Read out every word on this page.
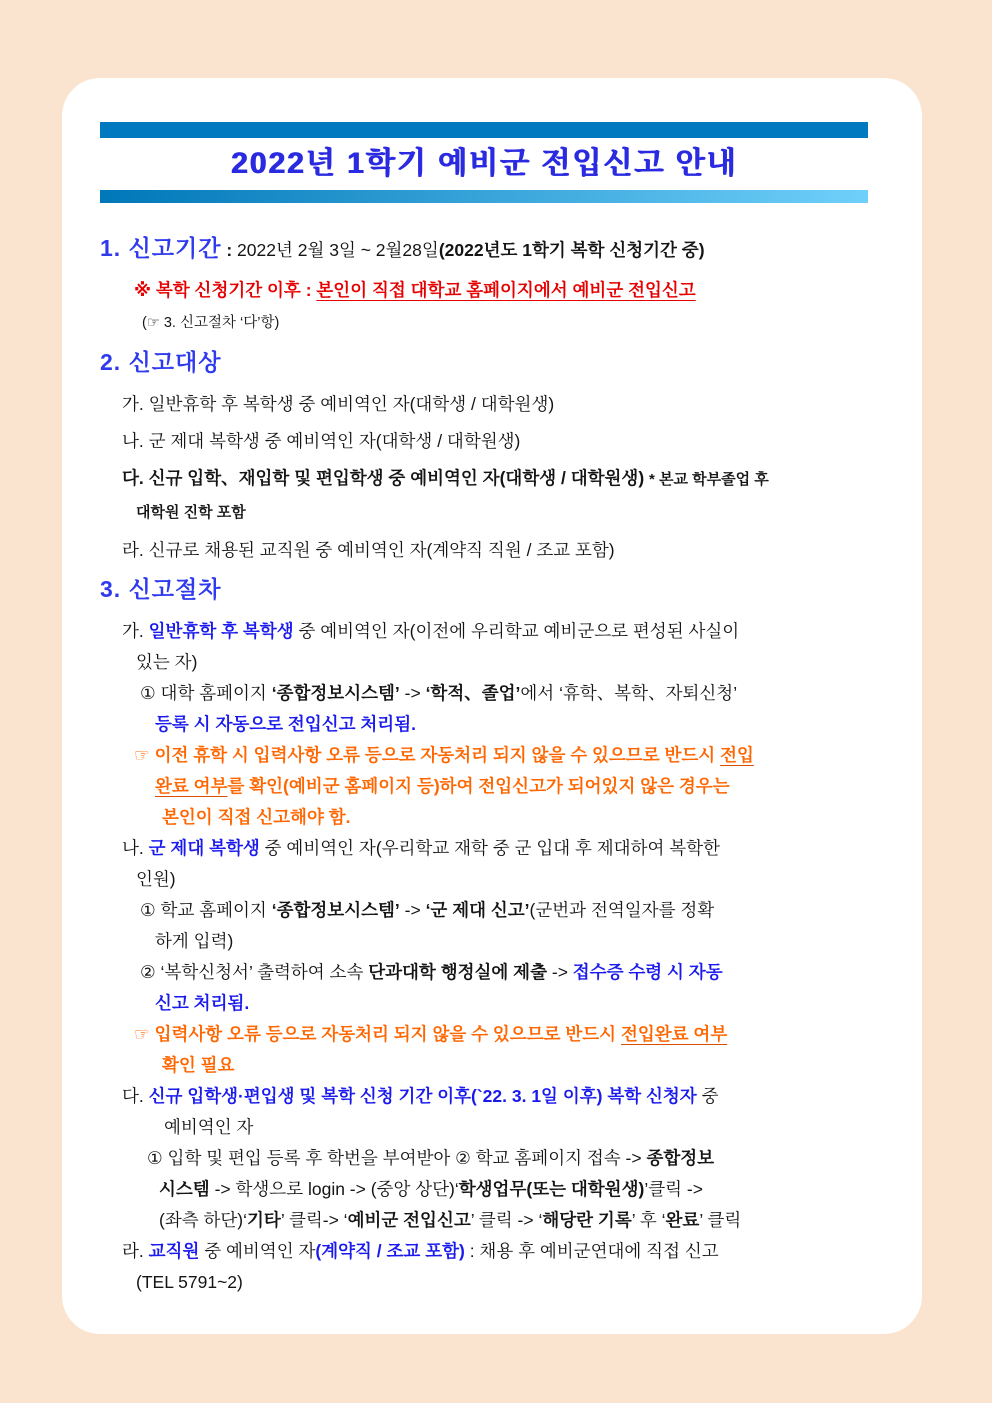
2022년 1학기 예비군 전입신고 안내
1. 신고기간 : 2022년 2월 3일 ~ 2월28일(2022년도 1학기 복학 신청기간 중)
※ 복학 신청기간 이후 : 본인이 직접 대학교 홈페이지에서 예비군 전입신고
(☞ 3. 신고절차 ‘다’항)
2. 신고대상
가. 일반휴학 후 복학생 중 예비역인 자(대학생 / 대학원생)
나. 군 제대 복학생 중 예비역인 자(대학생 / 대학원생)
다. 신규 입학、재입학 및 편입학생 중 예비역인 자(대학생 / 대학원생) * 본교 학부졸업 후
대학원 진학 포함
라. 신규로 채용된 교직원 중 예비역인 자(계약직 직원 / 조교 포함)
3. 신고절차
가. 일반휴학 후 복학생 중 예비역인 자(이전에 우리학교 예비군으로 편성된 사실이
있는 자)
① 대학 홈페이지 ‘종합정보시스템’ -> ‘학적、졸업’에서 ‘휴학、복학、자퇴신청’
등록 시 자동으로 전입신고 처리됨.
☞ 이전 휴학 시 입력사항 오류 등으로 자동처리 되지 않을 수 있으므로 반드시 전입
완료 여부를 확인(예비군 홈페이지 등)하여 전입신고가 되어있지 않은 경우는
본인이 직접 신고해야 함.
나. 군 제대 복학생 중 예비역인 자(우리학교 재학 중 군 입대 후 제대하여 복학한
인원)
① 학교 홈페이지 ‘종합정보시스템’ -> ‘군 제대 신고’(군번과 전역일자를 정확
하게 입력)
② ‘복학신청서’ 출력하여 소속 단과대학 행정실에 제출 -> 접수증 수령 시 자동
신고 처리됨.
☞ 입력사항 오류 등으로 자동처리 되지 않을 수 있으므로 반드시 전입완료 여부
확인 필요
다. 신규 입학생·편입생 및 복학 신청 기간 이후(`22. 3. 1일 이후) 복학 신청자 중
예비역인 자
① 입학 및 편입 등록 후 학번을 부여받아 ② 학교 홈페이지 접속 -> 종합정보
시스템 -> 학생으로 login -> (중앙 상단)‘학생업무(또는 대학원생)’클릭 ->
(좌측 하단)‘기타’ 클릭-> ‘예비군 전입신고’ 클릭 -> ‘해당란 기록’ 후 ‘완료’ 클릭
라. 교직원 중 예비역인 자(계약직 / 조교 포함) : 채용 후 예비군연대에 직접 신고
(TEL 5791~2)
